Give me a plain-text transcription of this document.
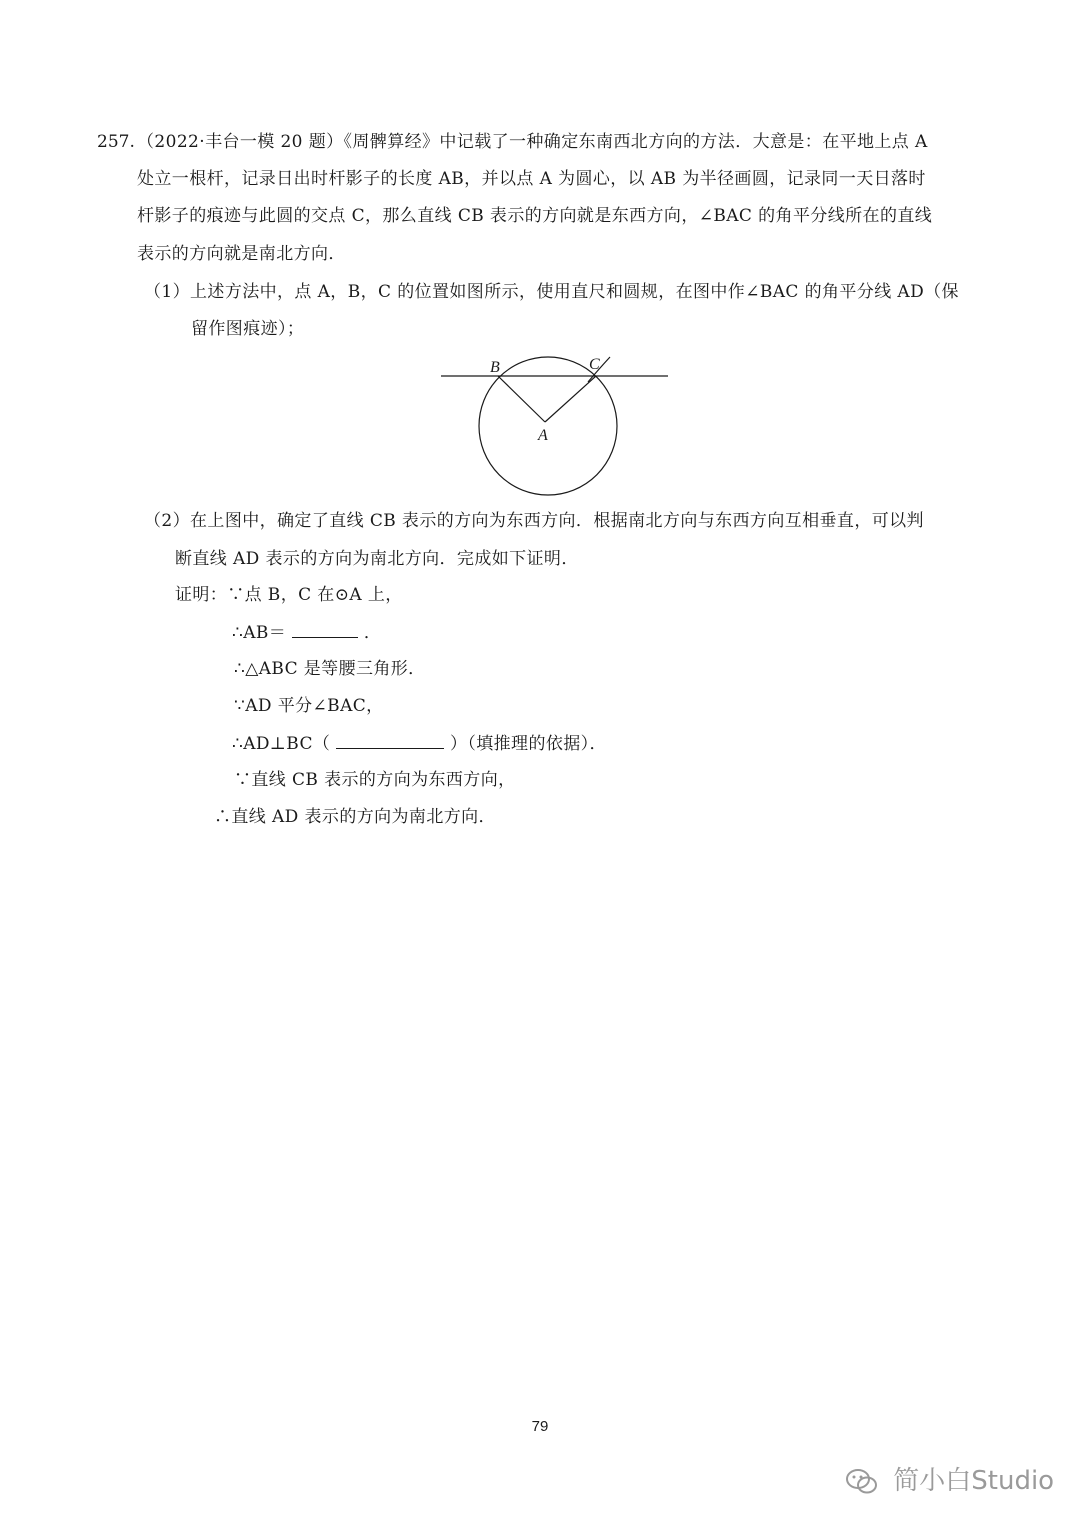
257. （2022·丰台一模 20 题）《周髀算经》中记载了一种确定东南西北方向的方法．大意是：在平地上点 A
处立一根杆，记录日出时杆影子的长度 AB，并以点 A 为圆心，以 AB 为半径画圆，记录同一天日落时
杆影子的痕迹与此圆的交点 C，那么直线 CB 表示的方向就是东西方向，∠BAC 的角平分线所在的直线
表示的方向就是南北方向．
（1）上述方法中，点 A，B，C 的位置如图所示，使用直尺和圆规，在图中作∠BAC 的角平分线 AD（保
留作图痕迹）；
B	C
A
（2）在上图中，确定了直线 CB 表示的方向为东西方向．根据南北方向与东西方向互相垂直，可以判
断直线 AD 表示的方向为南北方向．完成如下证明．
证明：∵点 B，C 在⊙A 上，
∴AB＝	．
∴△ABC 是等腰三角形．
∵AD 平分∠BAC，
∴AD⊥BC（	）（填推理的依据）．
∵直线 CB 表示的方向为东西方向，
∴直线 AD 表示的方向为南北方向．
79
简小白Studio
